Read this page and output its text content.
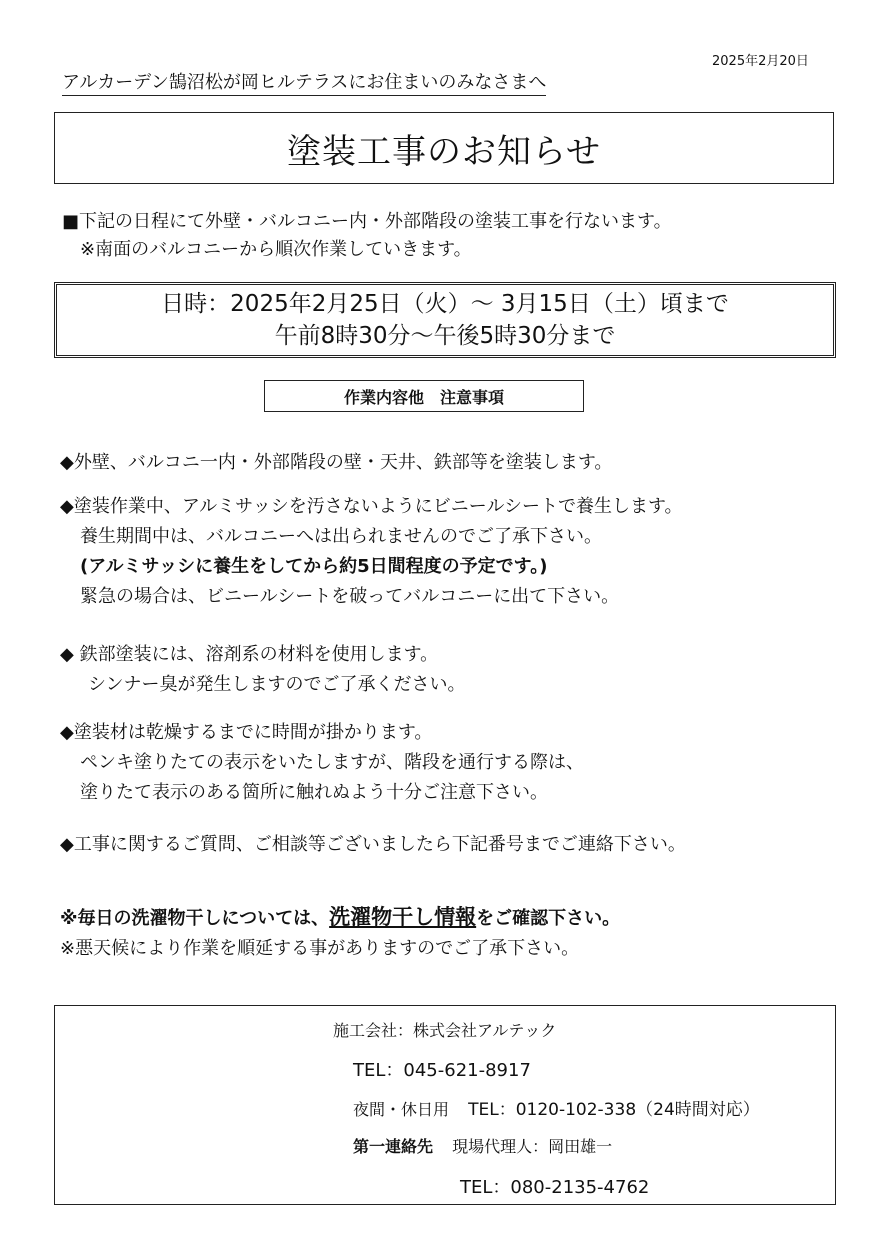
2025年2月20日
アルカーデン鵠沼松が岡ヒルテラスにお住まいのみなさまへ
塗装工事のお知らせ
■下記の日程にて外壁・バルコニー内・外部階段の塗装工事を行ないます。
※南面のバルコニーから順次作業していきます。
日時：2025年2月25日（火）～ 3月15日（土）頃まで
午前8時30分～午後5時30分まで
作業内容他　注意事項
◆外壁、バルコニ一内・外部階段の壁・天井、鉄部等を塗装します。
◆塗装作業中、アルミサッシを汚さないようにビニールシートで養生します。
養生期間中は、バルコニーへは出られませんのでご了承下さい。
(アルミサッシに養生をしてから約5日間程度の予定です。)
緊急の場合は、ビニールシートを破ってバルコニーに出て下さい。
◆ 鉄部塗装には、溶剤系の材料を使用します。
シンナー臭が発生しますのでご了承ください。
◆塗装材は乾燥するまでに時間が掛かります。
ペンキ塗りたての表示をいたしますが、階段を通行する際は、
塗りたて表示のある箇所に触れぬよう十分ご注意下さい。
◆工事に関するご質問、ご相談等ございましたら下記番号までご連絡下さい。
※毎日の洗濯物干しについては、洗濯物干し情報をご確認下さい。
※悪天候により作業を順延する事がありますのでご了承下さい。
施工会社：株式会社アルテック
TEL：045-621-8917
夜間・休日用 TEL：0120-102-338（24時間対応）
第一連絡先 現場代理人：岡田雄一
TEL：080-2135-4762
